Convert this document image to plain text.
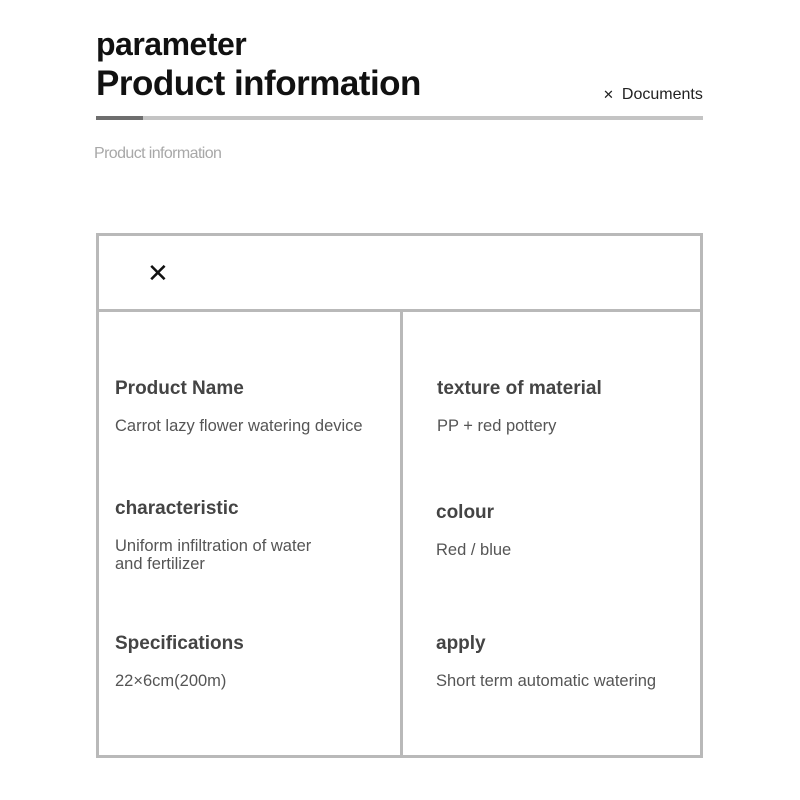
parameter
Product information	✕ Documents
Product information
✕
Product Name
Carrot lazy flower watering device
characteristic
Uniform infiltration of water
and fertilizer
Specifications
22×6cm(200m)
texture of material
PP + red pottery
colour
Red / blue
apply
Short term automatic watering
